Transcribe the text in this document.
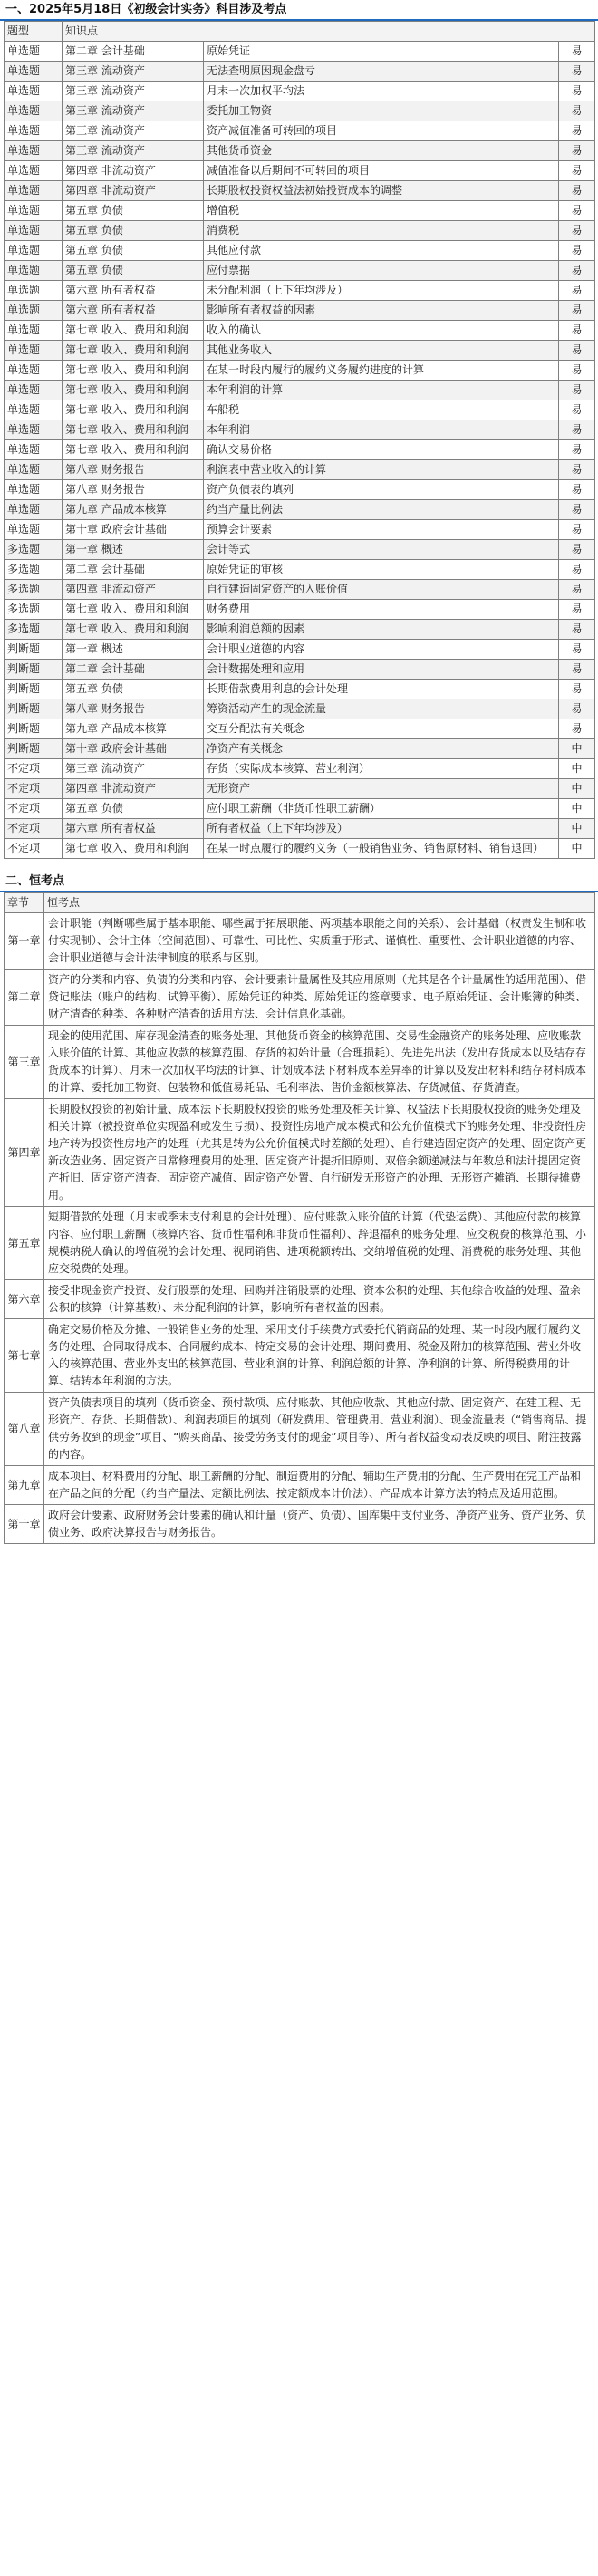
一、2025年5月18日《初级会计实务》科目涉及考点
题型	知识点		
单选题	第二章 会计基础	原始凭证	易
单选题	第三章 流动资产	无法查明原因现金盘亏	易
单选题	第三章 流动资产	月末一次加权平均法	易
单选题	第三章 流动资产	委托加工物资	易
单选题	第三章 流动资产	资产减值准备可转回的项目	易
单选题	第三章 流动资产	其他货币资金	易
单选题	第四章 非流动资产	减值准备以后期间不可转回的项目	易
单选题	第四章 非流动资产	长期股权投资权益法初始投资成本的调整	易
单选题	第五章 负债	增值税	易
单选题	第五章 负债	消费税	易
单选题	第五章 负债	其他应付款	易
单选题	第五章 负债	应付票据	易
单选题	第六章 所有者权益	未分配利润（上下年均涉及）	易
单选题	第六章 所有者权益	影响所有者权益的因素	易
单选题	第七章 收入、费用和利润	收入的确认	易
单选题	第七章 收入、费用和利润	其他业务收入	易
单选题	第七章 收入、费用和利润	在某一时段内履行的履约义务履约进度的计算	易
单选题	第七章 收入、费用和利润	本年利润的计算	易
单选题	第七章 收入、费用和利润	车船税	易
单选题	第七章 收入、费用和利润	本年利润	易
单选题	第七章 收入、费用和利润	确认交易价格	易
单选题	第八章 财务报告	利润表中营业收入的计算	易
单选题	第八章 财务报告	资产负债表的填列	易
单选题	第九章 产品成本核算	约当产量比例法	易
单选题	第十章 政府会计基础	预算会计要素	易
多选题	第一章 概述	会计等式	易
多选题	第二章 会计基础	原始凭证的审核	易
多选题	第四章 非流动资产	自行建造固定资产的入账价值	易
多选题	第七章 收入、费用和利润	财务费用	易
多选题	第七章 收入、费用和利润	影响利润总额的因素	易
判断题	第一章 概述	会计职业道德的内容	易
判断题	第二章 会计基础	会计数据处理和应用	易
判断题	第五章 负债	长期借款费用利息的会计处理	易
判断题	第八章 财务报告	筹资活动产生的现金流量	易
判断题	第九章 产品成本核算	交互分配法有关概念	易
判断题	第十章 政府会计基础	净资产有关概念	中
不定项	第三章 流动资产	存货（实际成本核算、营业利润）	中
不定项	第四章 非流动资产	无形资产	中
不定项	第五章 负债	应付职工薪酬（非货币性职工薪酬）	中
不定项	第六章 所有者权益	所有者权益（上下年均涉及）	中
不定项	第七章 收入、费用和利润	在某一时点履行的履约义务（一般销售业务、销售原材料、销售退回）	中
二、恒考点
章节	恒考点
第一章	会计职能（判断哪些属于基本职能、哪些属于拓展职能、两项基本职能之间的关系）、会计基础（权责发生制和收付实现制）、会计主体（空间范围）、可靠性、可比性、实质重于形式、谨慎性、重要性、会计职业道德的内容、会计职业道德与会计法律制度的联系与区别。
第二章	资产的分类和内容、负债的分类和内容、会计要素计量属性及其应用原则（尤其是各个计量属性的适用范围）、借贷记账法（账户的结构、试算平衡）、原始凭证的种类、原始凭证的签章要求、电子原始凭证、会计账簿的种类、财产清查的种类、各种财产清查的适用方法、会计信息化基础。
第三章	现金的使用范围、库存现金清查的账务处理、其他货币资金的核算范围、交易性金融资产的账务处理、应收账款入账价值的计算、其他应收款的核算范围、存货的初始计量（合理损耗）、先进先出法（发出存货成本以及结存存货成本的计算）、月末一次加权平均法的计算、计划成本法下材料成本差异率的计算以及发出材料和结存材料成本的计算、委托加工物资、包装物和低值易耗品、毛利率法、售价金额核算法、存货减值、存货清查。
第四章	长期股权投资的初始计量、成本法下长期股权投资的账务处理及相关计算、权益法下长期股权投资的账务处理及相关计算（被投资单位实现盈利或发生亏损）、投资性房地产成本模式和公允价值模式下的账务处理、非投资性房地产转为投资性房地产的处理（尤其是转为公允价值模式时差额的处理）、自行建造固定资产的处理、固定资产更新改造业务、固定资产日常修理费用的处理、固定资产计提折旧原则、双倍余额递减法与年数总和法计提固定资产折旧、固定资产清查、固定资产减值、固定资产处置、自行研发无形资产的处理、无形资产摊销、长期待摊费用。
第五章	短期借款的处理（月末或季末支付利息的会计处理）、应付账款入账价值的计算（代垫运费）、其他应付款的核算内容、应付职工薪酬（核算内容、货币性福利和非货币性福利）、辞退福利的账务处理、应交税费的核算范围、小规模纳税人确认的增值税的会计处理、视同销售、进项税额转出、交纳增值税的处理、消费税的账务处理、其他应交税费的处理。
第六章	接受非现金资产投资、发行股票的处理、回购并注销股票的处理、资本公积的处理、其他综合收益的处理、盈余公积的核算（计算基数）、未分配利润的计算，影响所有者权益的因素。
第七章	确定交易价格及分摊、一般销售业务的处理、采用支付手续费方式委托代销商品的处理、某一时段内履行履约义务的处理、合同取得成本、合同履约成本、特定交易的会计处理、期间费用、税金及附加的核算范围、营业外收入的核算范围、营业外支出的核算范围、营业利润的计算、利润总额的计算、净利润的计算、所得税费用的计算、结转本年利润的方法。
第八章	资产负债表项目的填列（货币资金、预付款项、应付账款、其他应收款、其他应付款、固定资产、在建工程、无形资产、存货、长期借款）、利润表项目的填列（研发费用、管理费用、营业利润）、现金流量表（“销售商品、提供劳务收到的现金”项目、“购买商品、接受劳务支付的现金”项目等）、所有者权益变动表反映的项目、附注披露的内容。
第九章	成本项目、材料费用的分配、职工薪酬的分配、制造费用的分配、辅助生产费用的分配、生产费用在完工产品和在产品之间的分配（约当产量法、定额比例法、按定额成本计价法）、产品成本计算方法的特点及适用范围。
第十章	政府会计要素、政府财务会计要素的确认和计量（资产、负债）、国库集中支付业务、净资产业务、资产业务、负债业务、政府决算报告与财务报告。
